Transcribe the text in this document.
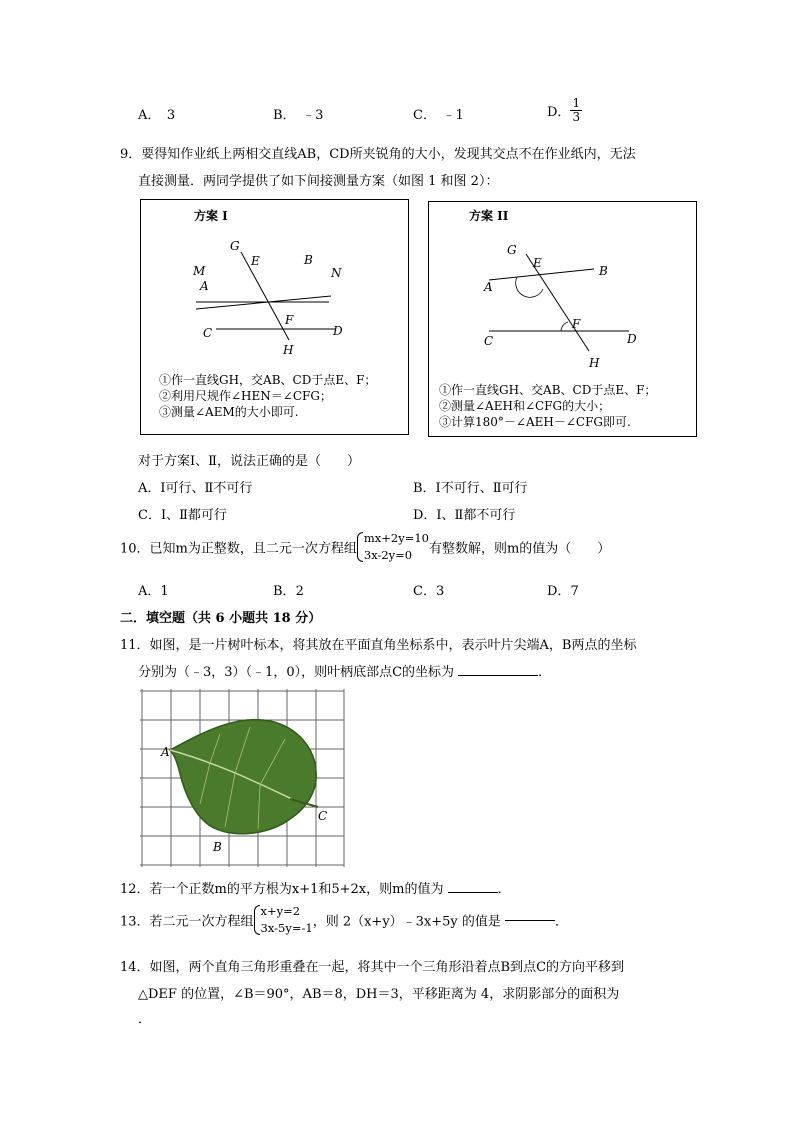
A．　 3	B．　 ﹣3	C．　 ﹣1	D． $\frac{1}{3}$
9．要得知作业纸上两相交直线AB，CD所夹锐角的大小，发现其交点不在作业纸内，无法
直接测量．两同学提供了如下间接测量方案（如图 1 和图 2）：
方案 I
G
E	B
M	N
A
C
F
D
H
①作一直线GH，交AB、CD于点E、F；
②利用尺规作∠HEN＝∠CFG；
③测量∠AEM的大小即可.
方案 II
G
E
B
A
F
C	D
H
①作一直线GH、交AB、CD于点E、F；
②测量∠AEH和∠CFG的大小；
③计算180°－∠AEH－∠CFG即可.
对于方案Ⅰ、Ⅱ，说法正确的是（　　）
A．Ⅰ可行、Ⅱ不可行	B．Ⅰ不可行、Ⅱ可行
C．Ⅰ、Ⅱ都可行	D．Ⅰ、Ⅱ都不可行
10．已知m为正整数，且二元一次方程组
mx+2y=10
3x-2y=0	有整数解，则m的值为（　　）
A．1	B．2	C．3	D．7
二．填空题（共 6 小题共 18 分）
11．如图，是一片树叶标本，将其放在平面直角坐标系中，表示叶片尖端A，B两点的坐标
分别为（﹣3，3）（﹣1，0），则叶柄底部点C的坐标为	．
A
B
C
12．若一个正数m的平方根为x+1和5+2x，则m的值为	．
13．若二元一次方程组
x+y=2
3x-5y=-1 ，则 2（x+y）﹣3x+5y 的值是	．
14．如图，两个直角三角形重叠在一起，将其中一个三角形沿着点B到点C的方向平移到
△DEF 的位置，∠B＝90°，AB＝8，DH＝3，平移距离为 4，求阴影部分的面积为
．
